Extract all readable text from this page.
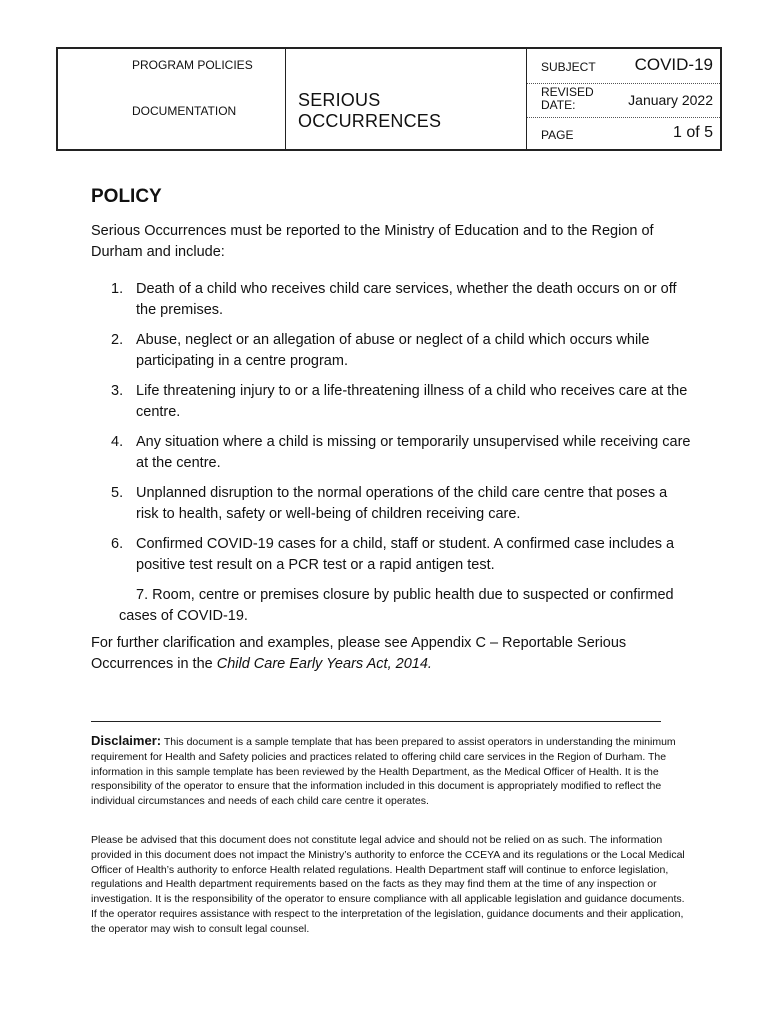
PROGRAM POLICIES
DOCUMENTATION
SERIOUS OCCURRENCES
SUBJECT COVID-19
REVISED
DATE:	January 2022
PAGE	1 of 5
POLICY

Serious Occurrences must be reported to the Ministry of Education and to the Region of Durham and include:

1. Death of a child who receives child care services, whether the death occurs on or off the premises.
2. Abuse, neglect or an allegation of abuse or neglect of a child which occurs while participating in a centre program.
3. Life threatening injury to or a life-threatening illness of a child who receives care at the centre.
4. Any situation where a child is missing or temporarily unsupervised while receiving care at the centre.
5. Unplanned disruption to the normal operations of the child care centre that poses a risk to health, safety or well-being of children receiving care.
6. Confirmed COVID-19 cases for a child, staff or student. A confirmed case includes a positive test result on a PCR test or a rapid antigen test.
7. Room, centre or premises closure by public health due to suspected or confirmed cases of COVID-19.

For further clarification and examples, please see Appendix C – Reportable Serious Occurrences in the Child Care Early Years Act, 2014.

Disclaimer: This document is a sample template that has been prepared to assist operators in understanding the minimum requirement for Health and Safety policies and practices related to offering child care services in the Region of Durham. The information in this sample template has been reviewed by the Health Department, as the Medical Officer of Health. It is the responsibility of the operator to ensure that the information included in this document is appropriately modified to reflect the individual circumstances and needs of each child care centre it operates.

Please be advised that this document does not constitute legal advice and should not be relied on as such. The information provided in this document does not impact the Ministry’s authority to enforce the CCEYA and its regulations or the Local Medical Officer of Health’s authority to enforce Health related regulations. Health Department staff will continue to enforce legislation, regulations and Health department requirements based on the facts as they may find them at the time of any inspection or investigation. It is the responsibility of the operator to ensure compliance with all applicable legislation and guidance documents. If the operator requires assistance with respect to the interpretation of the legislation, guidance documents and their application, the operator may wish to consult legal counsel.
